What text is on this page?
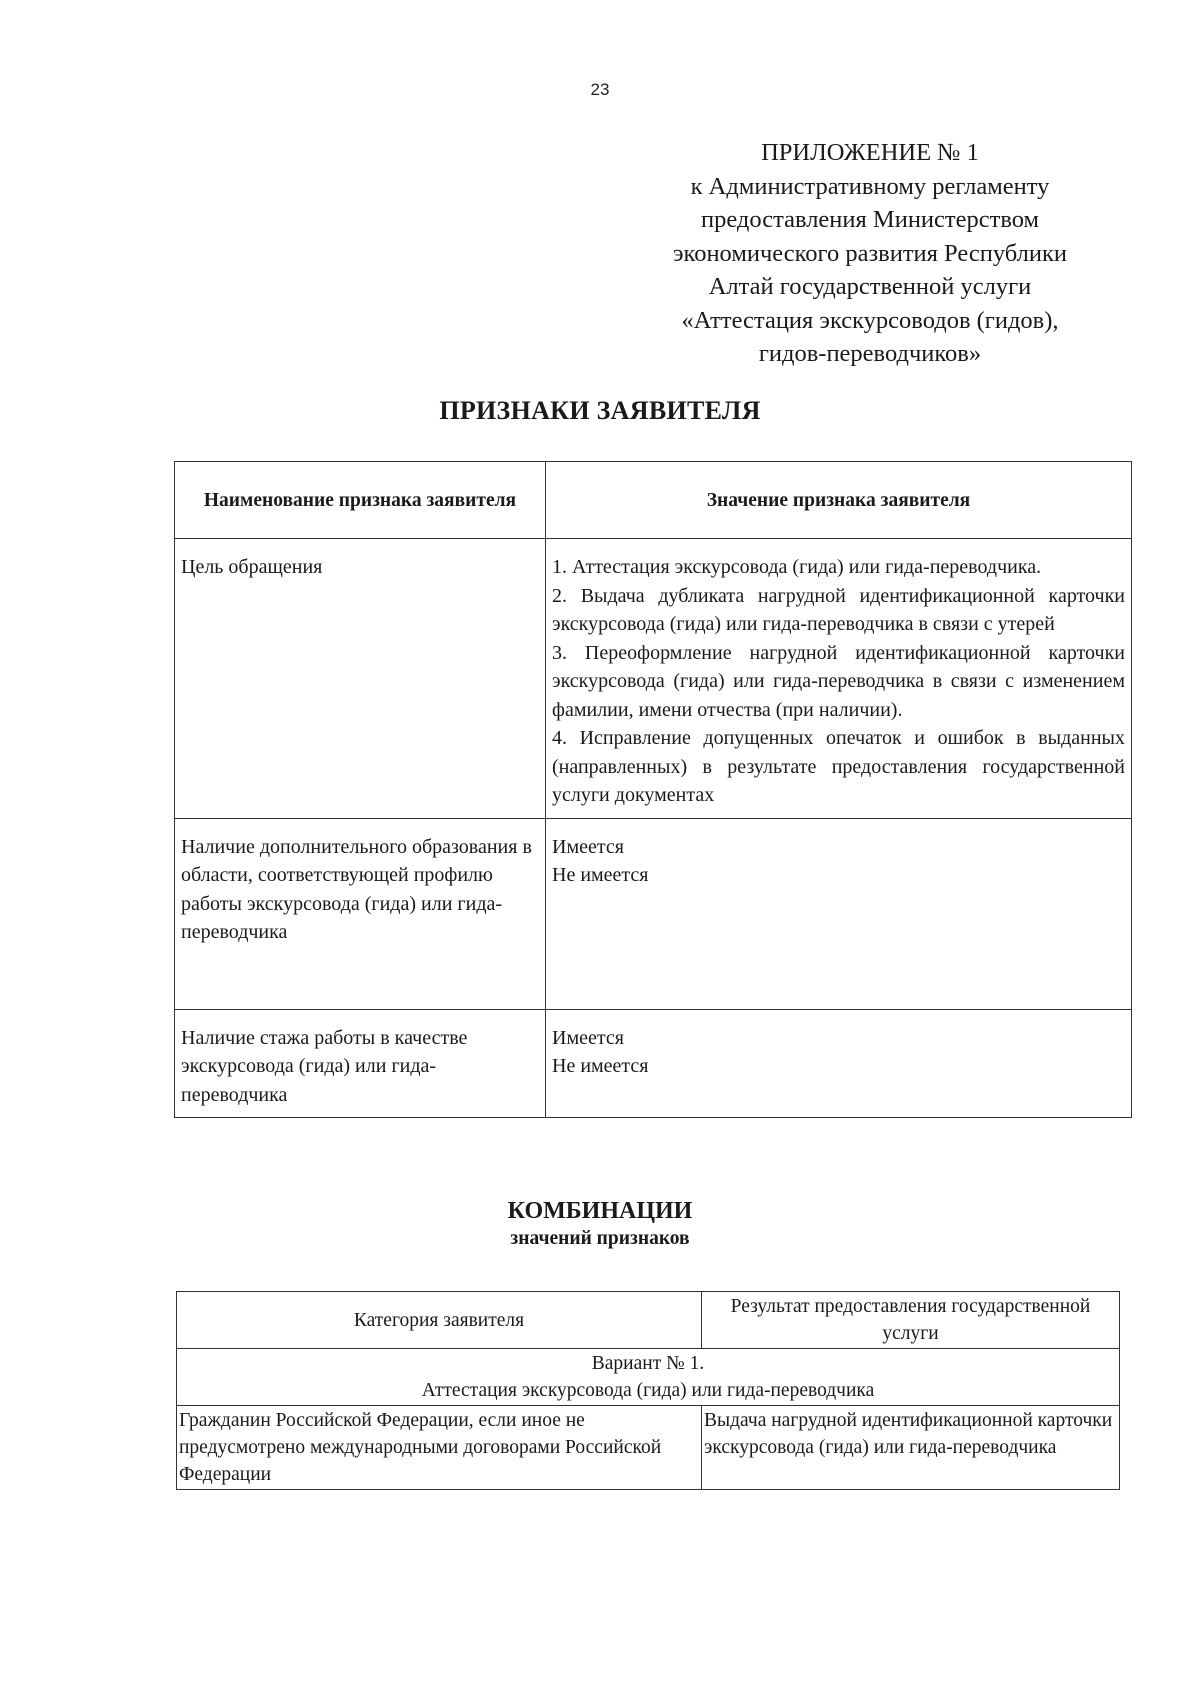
23
ПРИЛОЖЕНИЕ № 1
к Административному регламенту
предоставления Министерством
экономического развития Республики
Алтай государственной услуги
«Аттестация экскурсоводов (гидов),
гидов-переводчиков»
ПРИЗНАКИ ЗАЯВИТЕЛЯ
Наименование признака заявителя	Значение признака заявителя
Цель обращения	1. Аттестация экскурсовода (гида) или гида-переводчика.
2. Выдача дубликата нагрудной идентификационной карточки экскурсовода (гида) или гида-переводчика в связи с утерей
3. Переоформление нагрудной идентификационной карточки экскурсовода (гида) или гида-переводчика в связи с изменением фамилии, имени отчества (при наличии).
4. Исправление допущенных опечаток и ошибок в выданных (направленных) в результате предоставления государственной услуги документах

Наличие дополнительного образования в области, соответствующей профилю работы экскурсовода (гида) или гида-переводчика	Имеется
Не имеется

Наличие стажа работы в качестве экскурсовода (гида) или гида-переводчика	Имеется
Не имеется
КОМБИНАЦИИ
значений признаков
Категория заявителя	Результат предоставления государственной услуги

Вариант № 1.
Аттестация экскурсовода (гида) или гида-переводчика	

Гражданин Российской Федерации, если иное не предусмотрено международными договорами Российской Федерации	Выдача нагрудной идентификационной карточки экскурсовода (гида) или гида-переводчика
